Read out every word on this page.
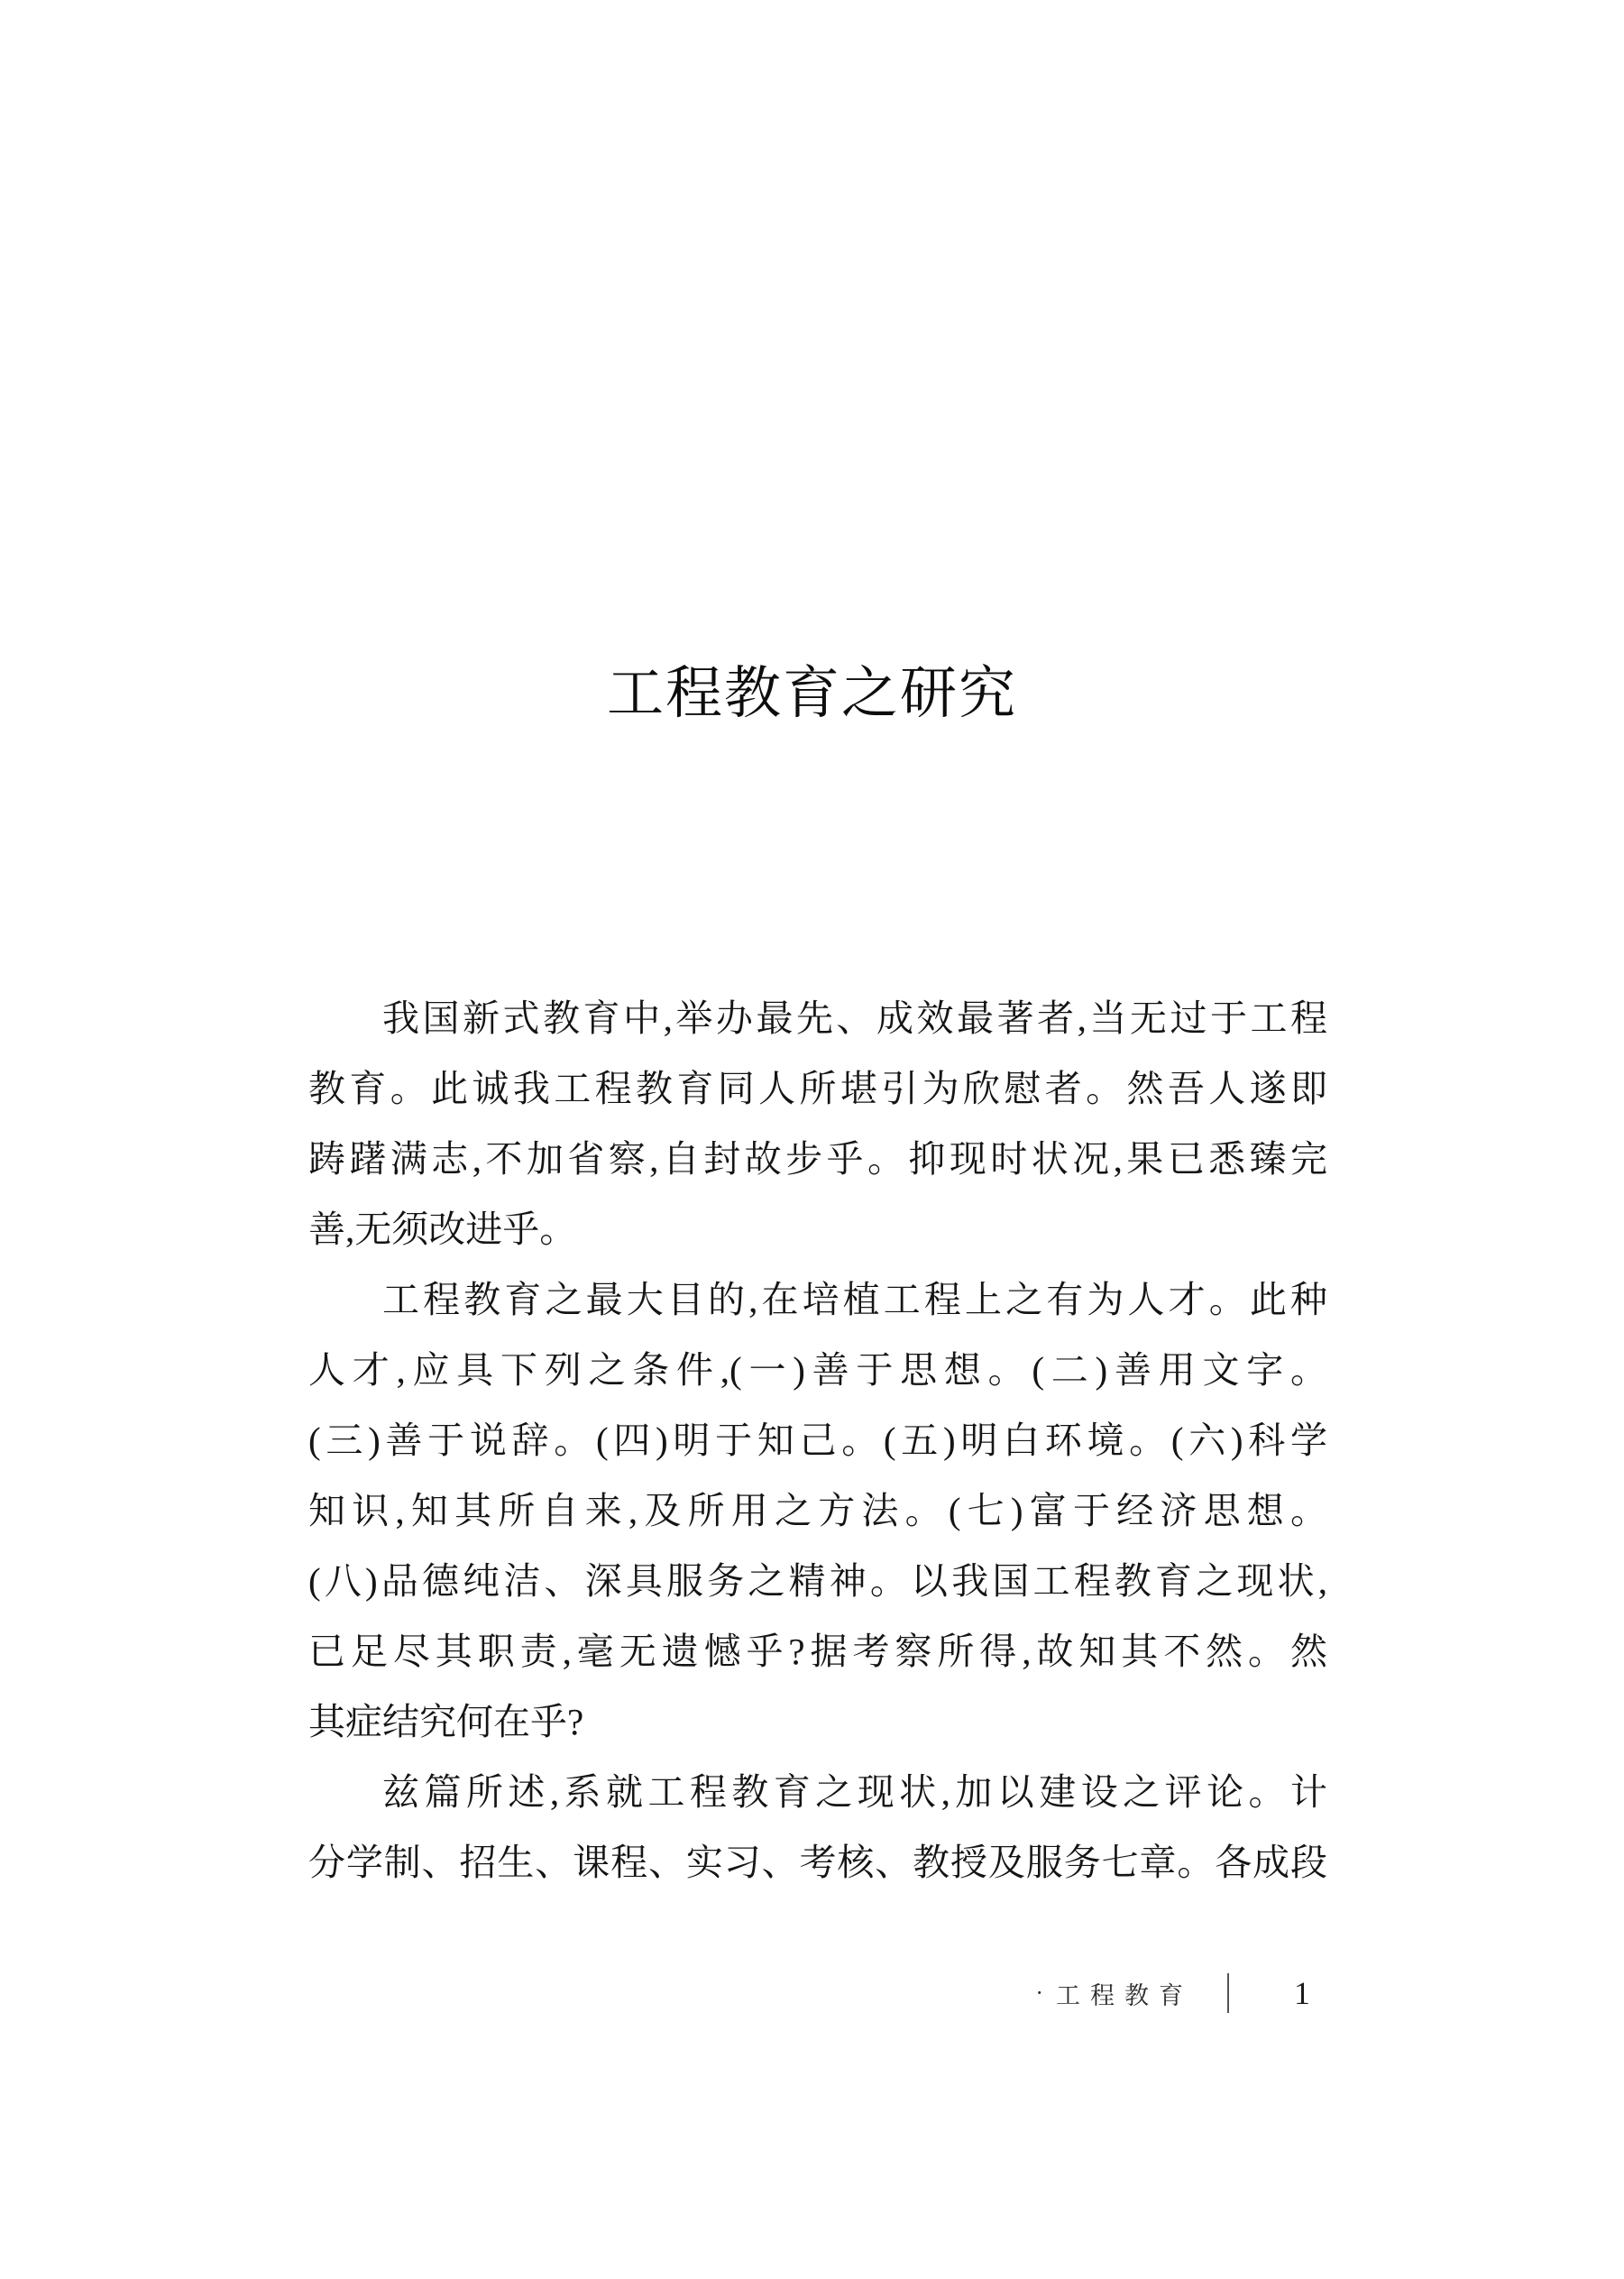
工程教育之研究
我国新式教育中,举办最先、成效最著者,当无过于工程
教育。此诚我工程教育同人所堪引为欣慰者。然吾人遂即
踌躇满志,不加省察,自封故步乎。抑现时状况,果已悉臻完
善,无须改进乎。
工程教育之最大目的,在培植工程上之有为人才。此种
人才,应具下列之条件,(一)善于思想。(二)善用文字。
(三)善于说辞。(四)明于知己。(五)明白环境。(六)科学
知识,知其所自来,及所用之方法。(七)富于经济思想。
(八)品德纯洁、深具服务之精神。以我国工程教育之现状,
已足尽其职责,毫无遗憾乎?据考察所得,故知其不然。然
其症结究何在乎?
兹篇所述,系就工程教育之现状,加以建设之评论。计
分学制、招生、课程、实习、考核、教授及服务七章。各成段
· 工程教育	1
